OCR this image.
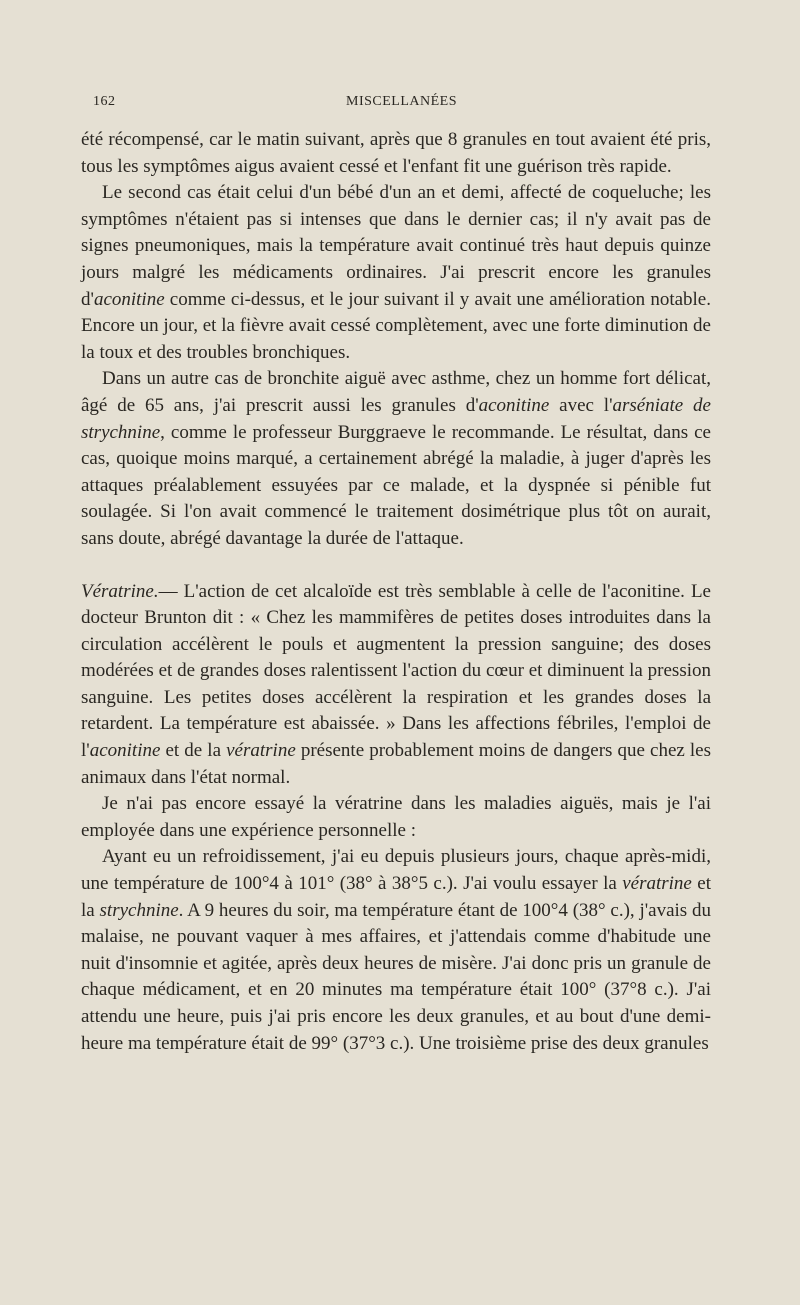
162	MISCELLANÉES

été récompensé, car le matin suivant, après que 8 granules en tout avaient été pris, tous les symptômes aigus avaient cessé et l'enfant fit une guérison très rapide.

Le second cas était celui d'un bébé d'un an et demi, affecté de coqueluche; les symptômes n'étaient pas si intenses que dans le dernier cas; il n'y avait pas de signes pneumoniques, mais la température avait continué très haut depuis quinze jours malgré les médicaments ordinaires. J'ai prescrit encore les granules d'aconitine comme ci-dessus, et le jour suivant il y avait une amélioration notable. Encore un jour, et la fièvre avait cessé complètement, avec une forte diminution de la toux et des troubles bronchiques.

Dans un autre cas de bronchite aiguë avec asthme, chez un homme fort délicat, âgé de 65 ans, j'ai prescrit aussi les granules d'aconitine avec l'arséniate de strychnine, comme le professeur Burggraeve le recommande. Le résultat, dans ce cas, quoique moins marqué, a certainement abrégé la maladie, à juger d'après les attaques préalablement essuyées par ce malade, et la dyspnée si pénible fut soulagée. Si l'on avait commencé le traitement dosimétrique plus tôt on aurait, sans doute, abrégé davantage la durée de l'attaque.

Vératrine.— L'action de cet alcaloïde est très semblable à celle de l'aconitine. Le docteur Brunton dit : « Chez les mammifères de petites doses introduites dans la circulation accélèrent le pouls et augmentent la pression sanguine; des doses modérées et de grandes doses ralentissent l'action du cœur et diminuent la pression sanguine. Les petites doses accélèrent la respiration et les grandes doses la retardent. La température est abaissée. » Dans les affections fébriles, l'emploi de l'aconitine et de la vératrine présente probablement moins de dangers que chez les animaux dans l'état normal.

Je n'ai pas encore essayé la vératrine dans les maladies aiguës, mais je l'ai employée dans une expérience personnelle :

Ayant eu un refroidissement, j'ai eu depuis plusieurs jours, chaque après-midi, une température de 100°4 à 101° (38° à 38°5 c.). J'ai voulu essayer la vératrine et la strychnine. A 9 heures du soir, ma température étant de 100°4 (38° c.), j'avais du malaise, ne pouvant vaquer à mes affaires, et j'attendais comme d'habitude une nuit d'insomnie et agitée, après deux heures de misère. J'ai donc pris un granule de chaque médicament, et en 20 minutes ma température était 100° (37°8 c.). J'ai attendu une heure, puis j'ai pris encore les deux granules, et au bout d'une demi-heure ma température était de 99° (37°3 c.). Une troisième prise des deux granules
